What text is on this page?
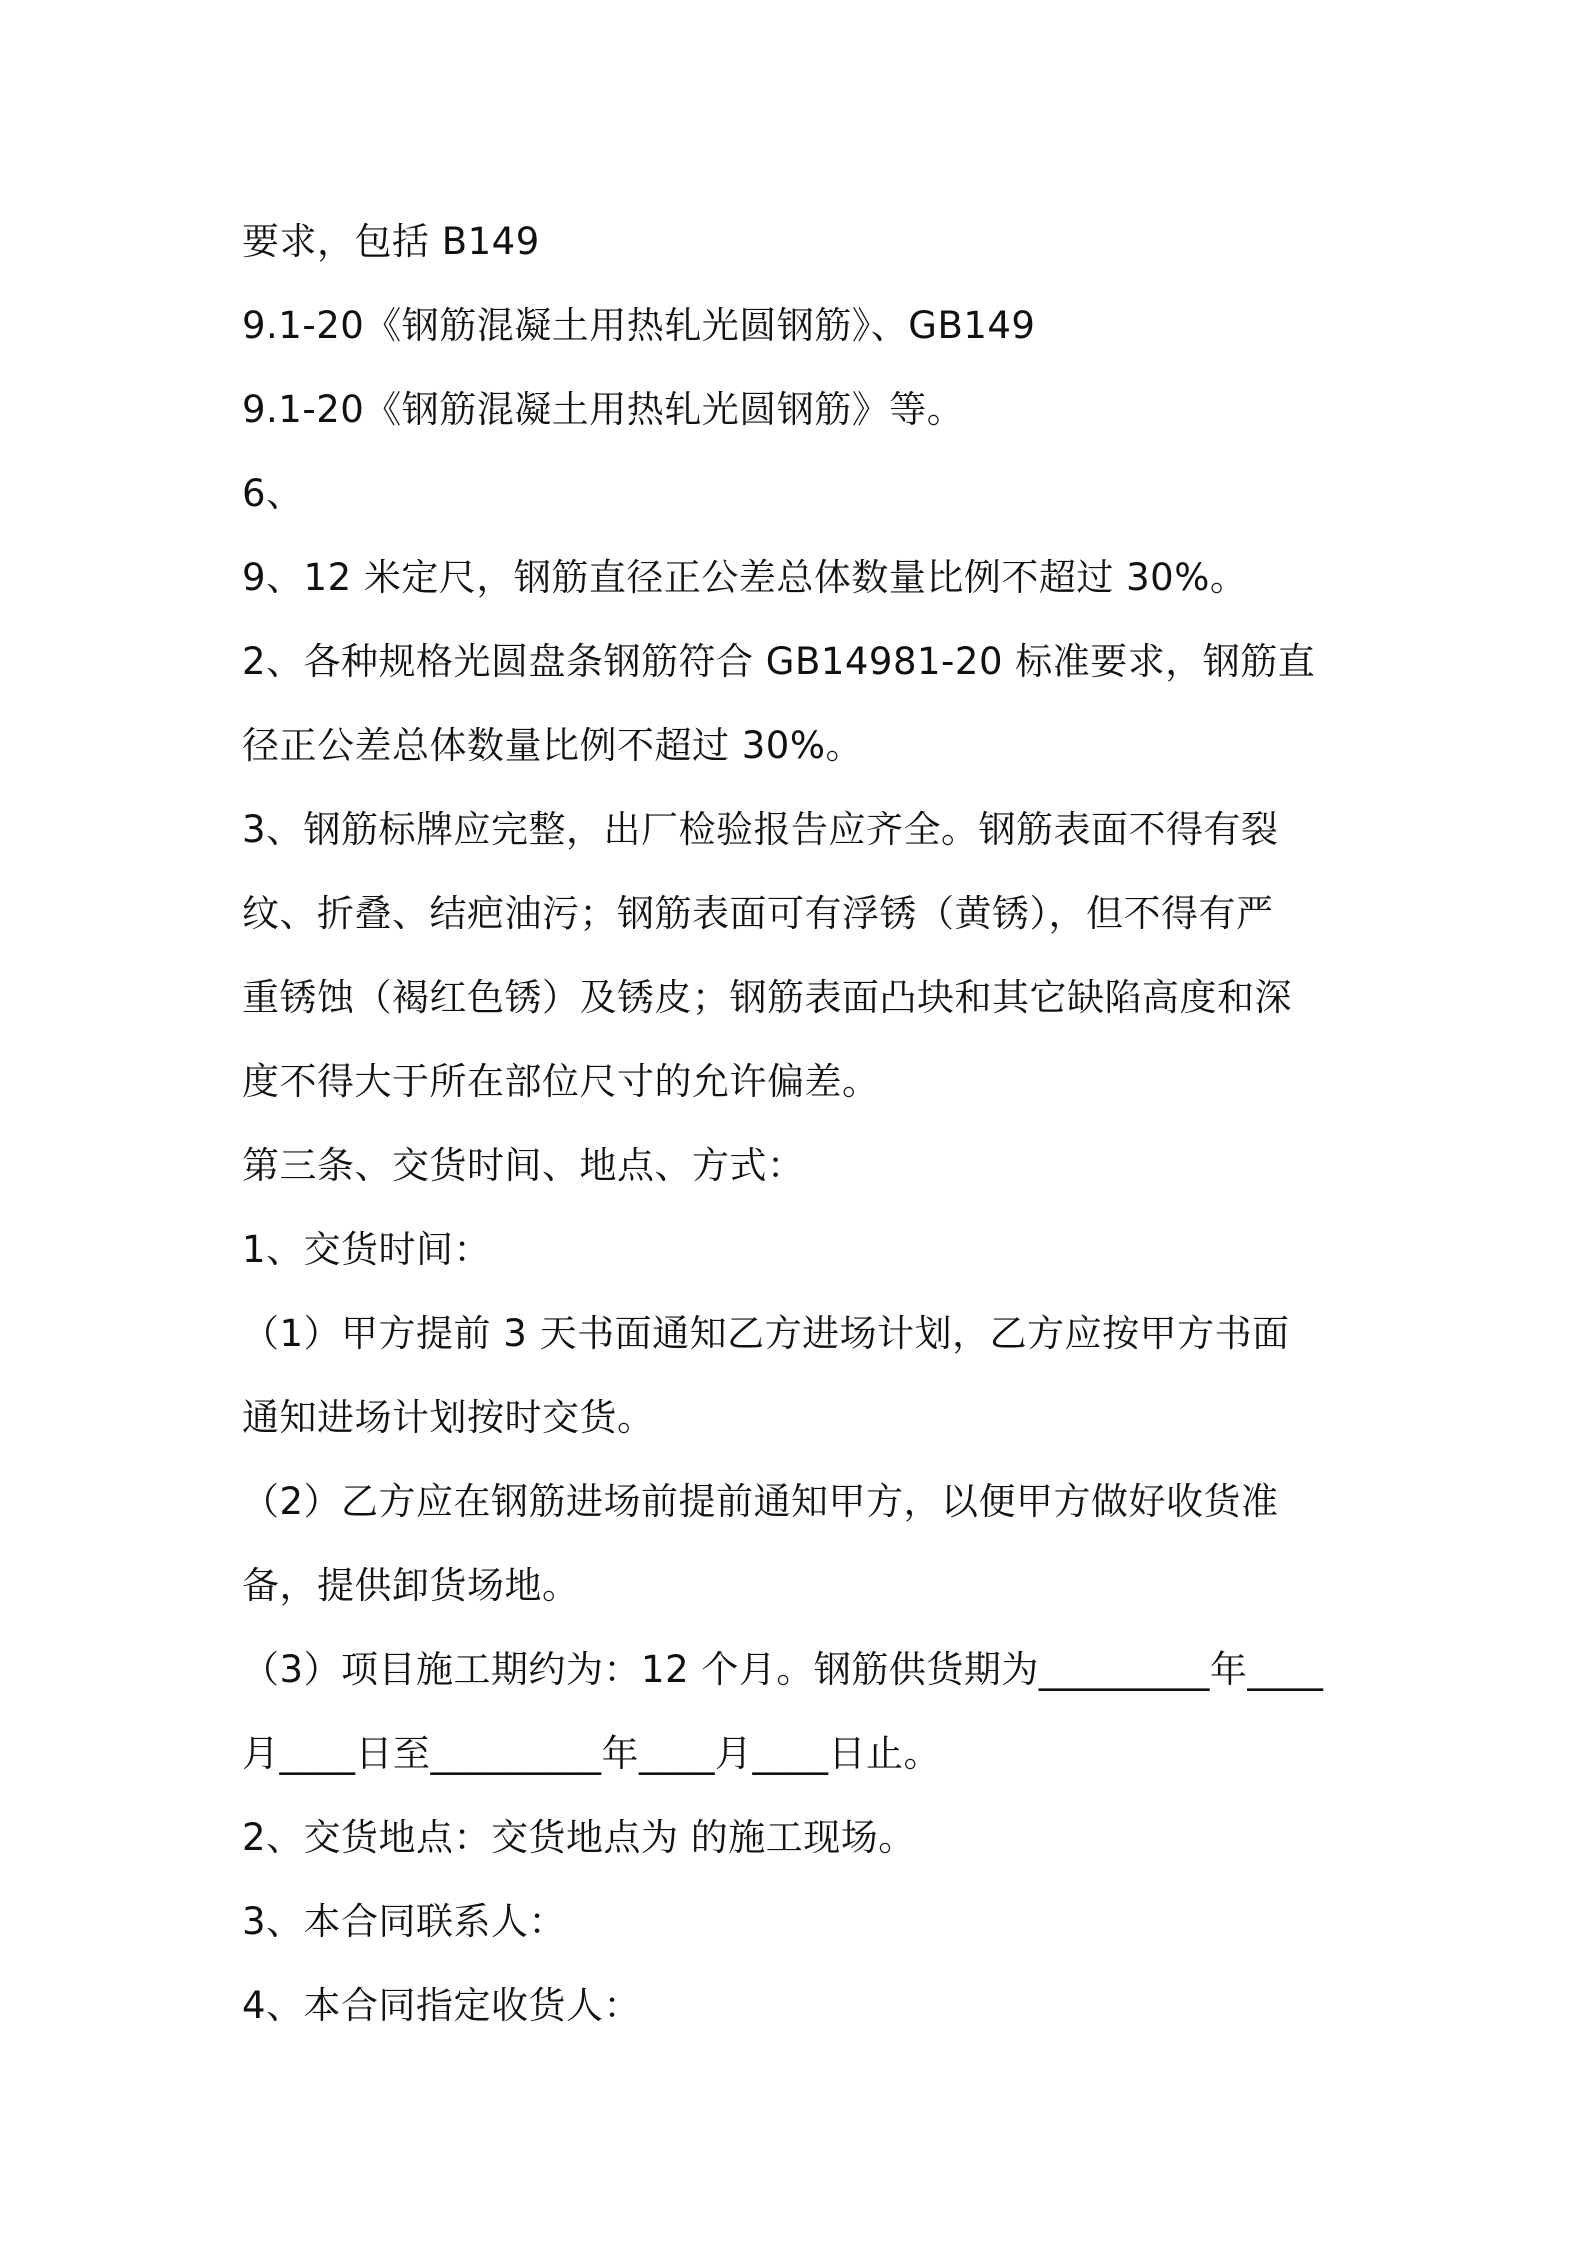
要求，包括 B149
9.1-20《钢筋混凝土用热轧光圆钢筋》、GB149
9.1-20《钢筋混凝土用热轧光圆钢筋》等。
6、
9、12 米定尺，钢筋直径正公差总体数量比例不超过 30%。
2、各种规格光圆盘条钢筋符合 GB14981-20 标准要求，钢筋直
径正公差总体数量比例不超过 30%。
3、钢筋标牌应完整，出厂检验报告应齐全。钢筋表面不得有裂
纹、折叠、结疤油污；钢筋表面可有浮锈（黄锈），但不得有严
重锈蚀（褐红色锈）及锈皮；钢筋表面凸块和其它缺陷高度和深
度不得大于所在部位尺寸的允许偏差。
第三条、交货时间、地点、方式：
1、交货时间：
（1）甲方提前 3 天书面通知乙方进场计划，乙方应按甲方书面
通知进场计划按时交货。
（2）乙方应在钢筋进场前提前通知甲方，以便甲方做好收货准
备，提供卸货场地。
（3）项目施工期约为：12 个月。钢筋供货期为_________年____
月____日至_________年____月____日止。
2、交货地点：交货地点为 的施工现场。
3、本合同联系人：
4、本合同指定收货人：
